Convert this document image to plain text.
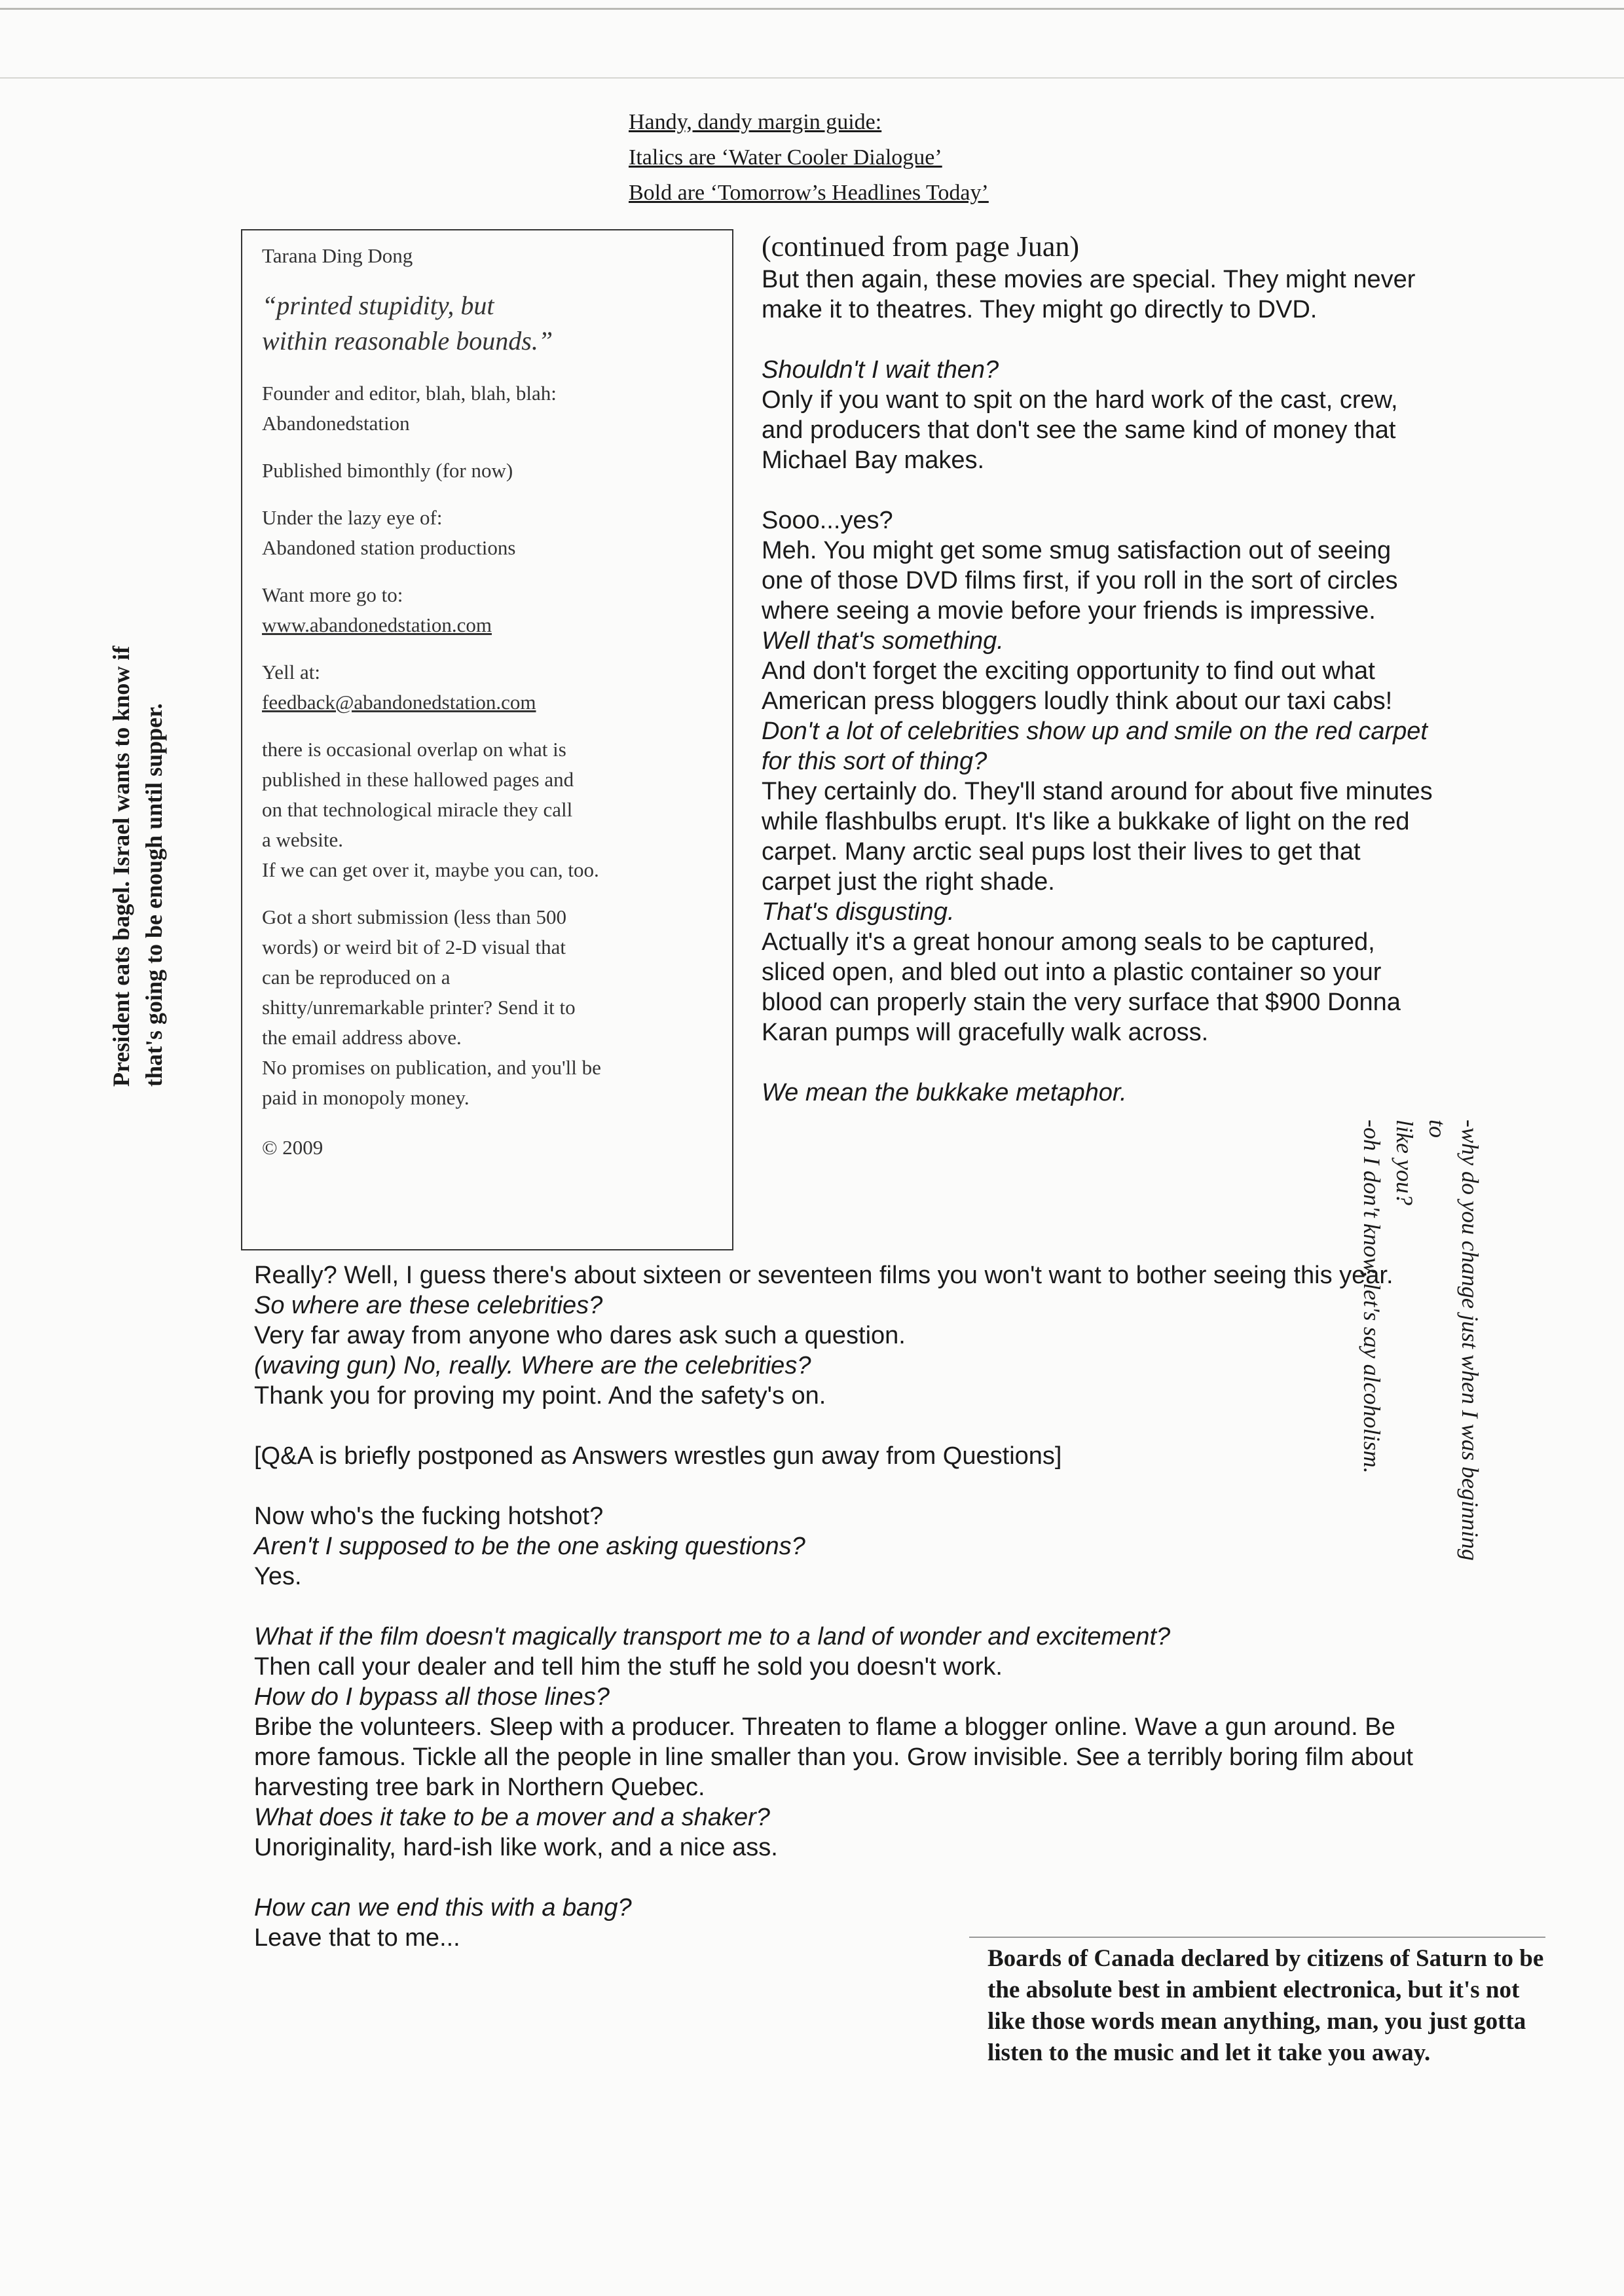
Handy, dandy margin guide:
Italics are ‘Water Cooler Dialogue’
Bold are ‘Tomorrow’s Headlines Today’
Tarana Ding Dong
“printed stupidity, but
within reasonable bounds.”
Founder and editor, blah, blah, blah:
Abandonedstation
Published bimonthly (for now)
Under the lazy eye of:
Abandoned station productions
Want more go to:
www.abandonedstation.com
Yell at:
feedback@abandonedstation.com
there is occasional overlap on what is
published in these hallowed pages and
on that technological miracle they call
a website.
If we can get over it, maybe you can, too.
Got a short submission (less than 500
words) or weird bit of 2-D visual that
can be reproduced on a
shitty/unremarkable printer? Send it to
the email address above.
No promises on publication, and you'll be
paid in monopoly money.
© 2009

(continued from page Juan)

But then again, these movies are special. They might never make it to theatres. They might go directly to DVD.

Shouldn't I wait then?

Only if you want to spit on the hard work of the cast, crew, and producers that don't see the same kind of money that Michael Bay makes.

Sooo...yes?

Meh. You might get some smug satisfaction out of seeing one of those DVD films first, if you roll in the sort of circles where seeing a movie before your friends is impressive.

Well that's something.

And don't forget the exciting opportunity to find out what American press bloggers loudly think about our taxi cabs!

Don't a lot of celebrities show up and smile on the red carpet for this sort of thing?

They certainly do. They'll stand around for about five minutes while flashbulbs erupt. It's like a bukkake of light on the red carpet. Many arctic seal pups lost their lives to get that carpet just the right shade.

That's disgusting.

Actually it's a great honour among seals to be captured, sliced open, and bled out into a plastic container so your blood can properly stain the very surface that $900 Donna Karan pumps will gracefully walk across.

We mean the bukkake metaphor.

Really? Well, I guess there's about sixteen or seventeen films you won't want to bother seeing this year.

So where are these celebrities?

Very far away from anyone who dares ask such a question.

(waving gun) No, really. Where are the celebrities?

Thank you for proving my point. And the safety's on.

[Q&A is briefly postponed as Answers wrestles gun away from Questions]

Now who's the fucking hotshot?

Aren't I supposed to be the one asking questions?

Yes.

What if the film doesn't magically transport me to a land of wonder and excitement?

Then call your dealer and tell him the stuff he sold you doesn't work.

How do I bypass all those lines?

Bribe the volunteers. Sleep with a producer. Threaten to flame a blogger online. Wave a gun around. Be more famous. Tickle all the people in line smaller than you. Grow invisible. See a terribly boring film about harvesting tree bark in Northern Quebec.

What does it take to be a mover and a shaker?

Unoriginality, hard-ish like work, and a nice ass.

How can we end this with a bang?

Leave that to me...

President eats bagel. Israel wants to know if
that's going to be enough until supper.
-why do you change just when I was beginning to
like you?
-oh I don't know, let's say alcoholism.
Boards of Canada declared by citizens of Saturn to be the absolute best in ambient electronica, but it's not like those words mean anything, man, you just gotta listen to the music and let it take you away.
